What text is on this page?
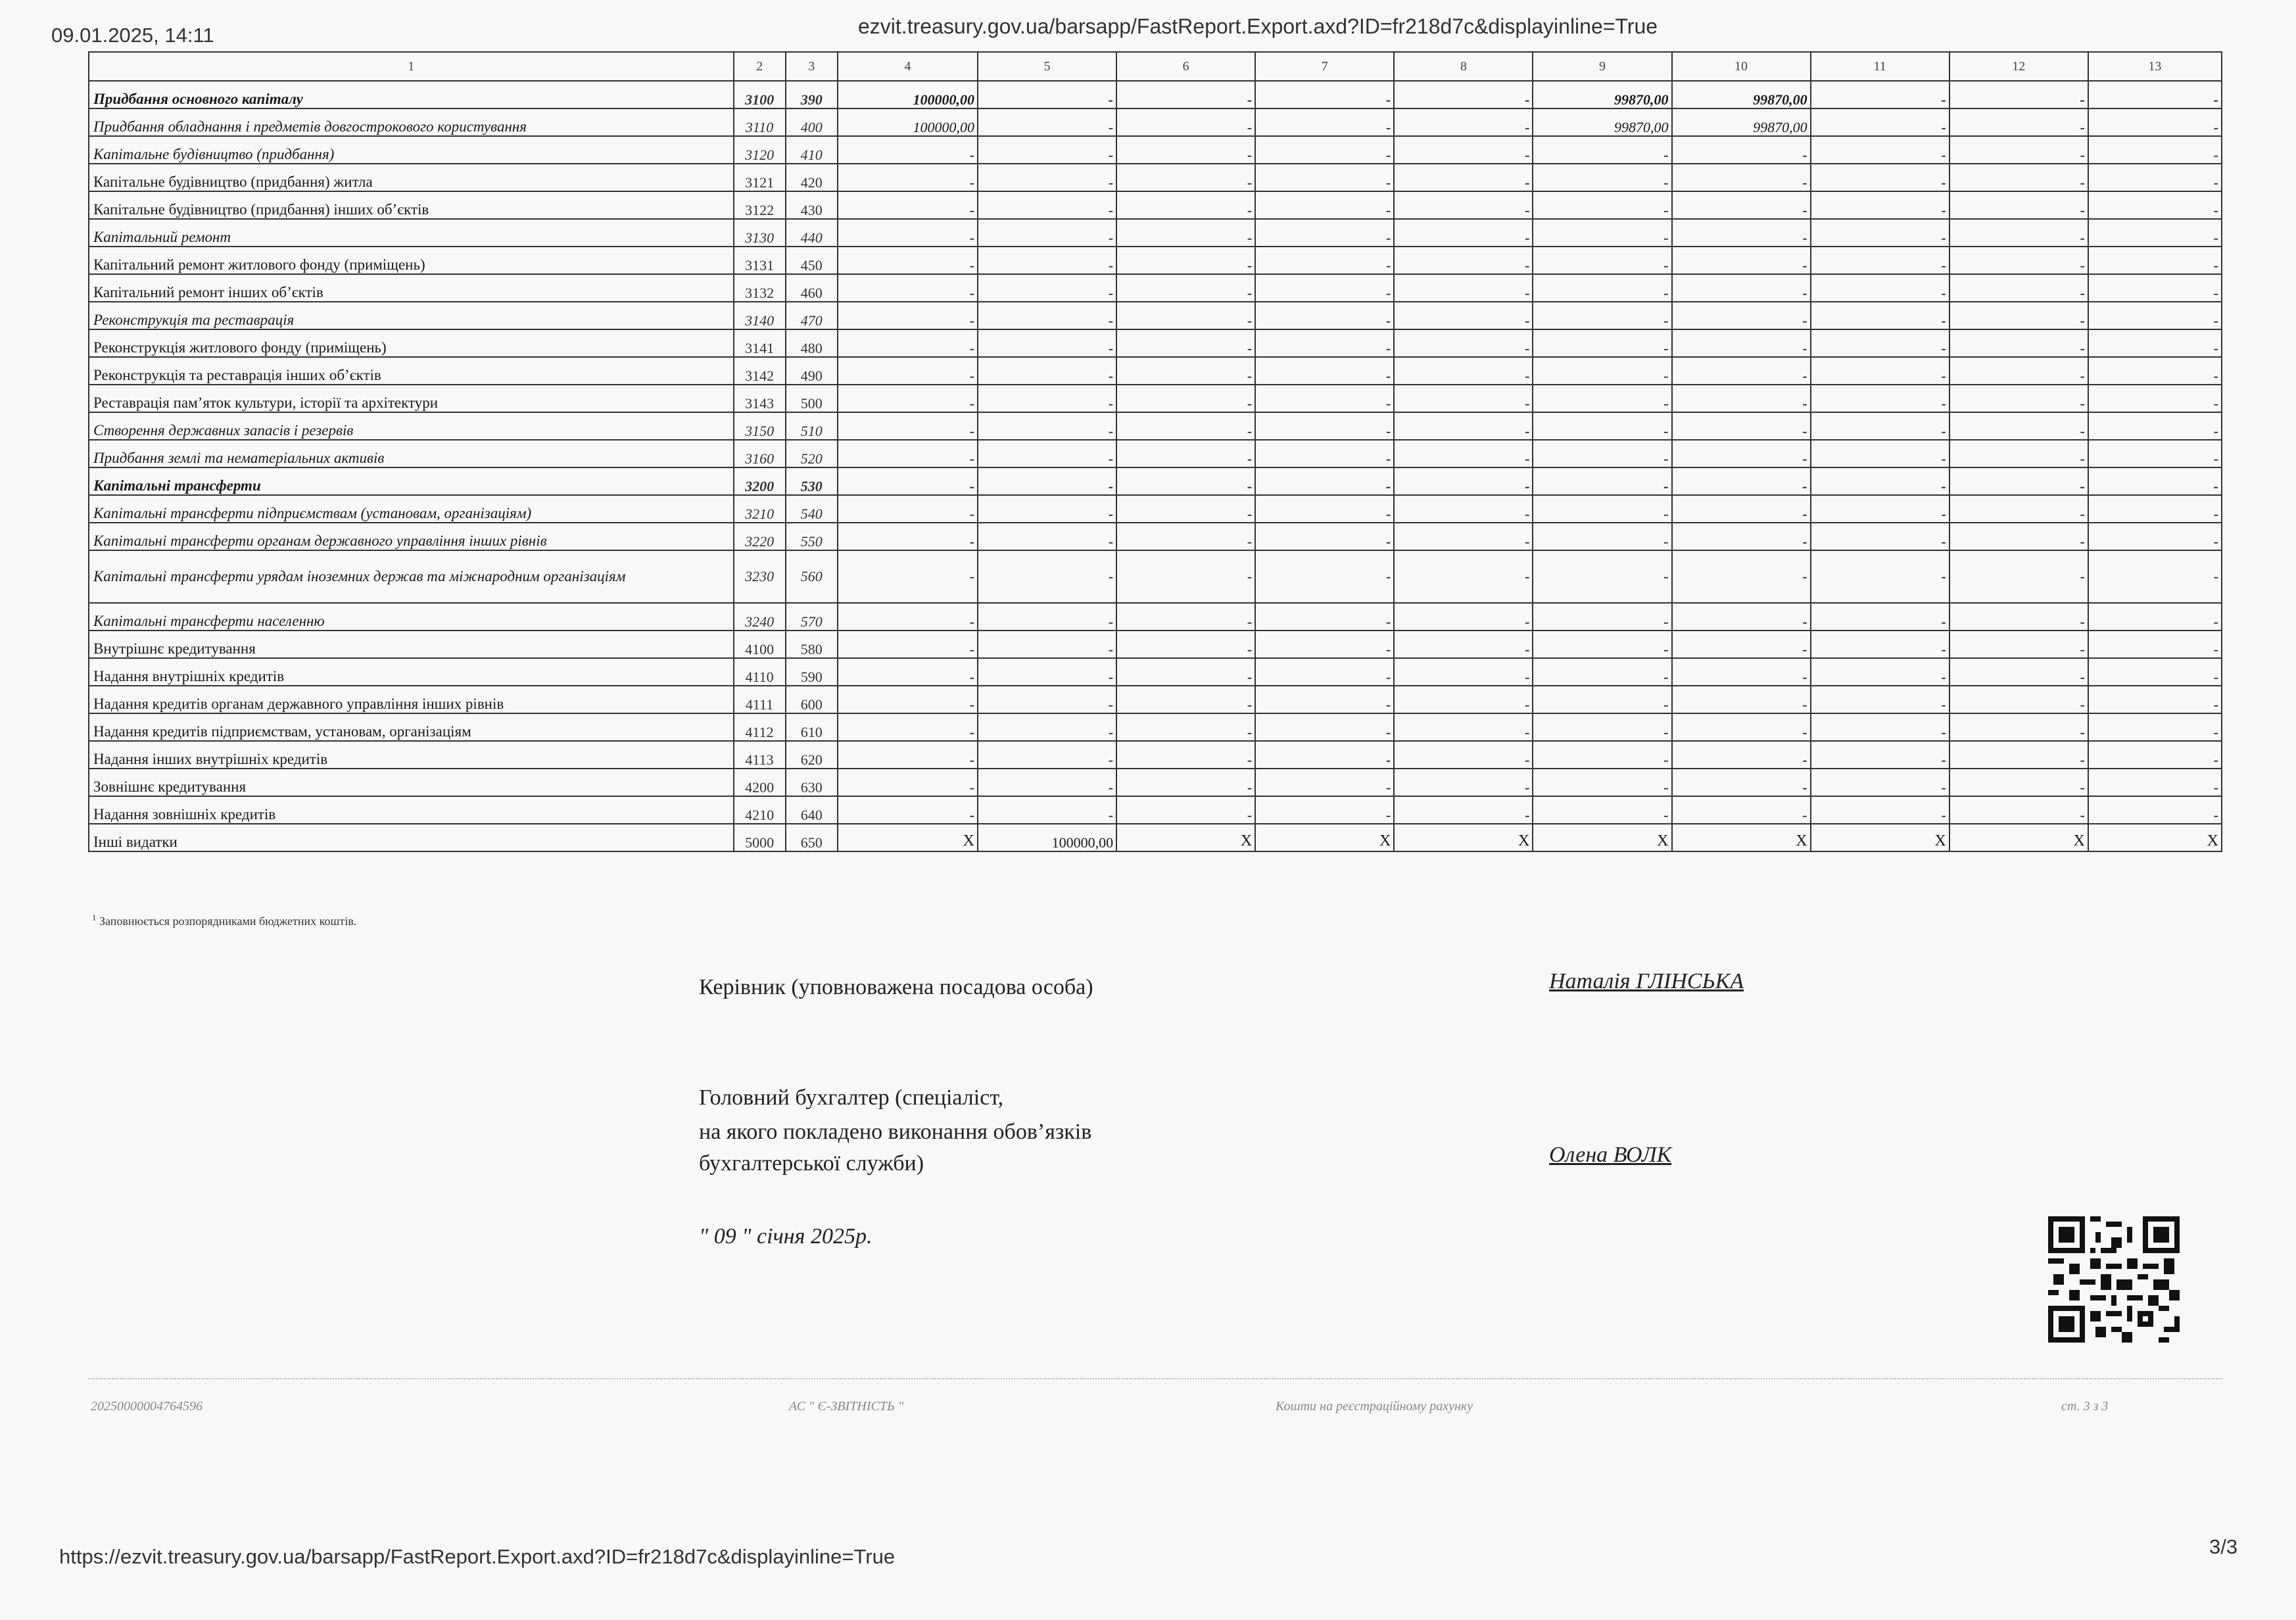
09.01.2025, 14:11	ezvit.treasury.gov.ua/barsapp/FastReport.Export.axd?ID=fr218d7c&displayinline=True
1	2	3	4	5	6	7	8	9	10	11	12	13
Придбання основного капіталу	3100	390	100000,00	-	-	-	-	99870,00	99870,00	-	-	-
Придбання обладнання і предметів довгострокового користування	3110	400	100000,00	-	-	-	-	99870,00	99870,00	-	-	-
Капітальне будівництво (придбання)	3120	410	-	-	-	-	-	-	-	-	-	-
Капітальне будівництво (придбання) житла	3121	420	-	-	-	-	-	-	-	-	-	-
Капітальне будівництво (придбання) інших об’єктів	3122	430	-	-	-	-	-	-	-	-	-	-
Капітальний ремонт	3130	440	-	-	-	-	-	-	-	-	-	-
Капітальний ремонт житлового фонду (приміщень)	3131	450	-	-	-	-	-	-	-	-	-	-
Капітальний ремонт інших об’єктів	3132	460	-	-	-	-	-	-	-	-	-	-
Реконструкція та реставрація	3140	470	-	-	-	-	-	-	-	-	-	-
Реконструкція житлового фонду (приміщень)	3141	480	-	-	-	-	-	-	-	-	-	-
Реконструкція та реставрація інших об’єктів	3142	490	-	-	-	-	-	-	-	-	-	-
Реставрація пам’яток культури, історії та архітектури	3143	500	-	-	-	-	-	-	-	-	-	-
Створення державних запасів і резервів	3150	510	-	-	-	-	-	-	-	-	-	-
Придбання землі та нематеріальних активів	3160	520	-	-	-	-	-	-	-	-	-	-
Капітальні трансферти	3200	530	-	-	-	-	-	-	-	-	-	-
Капітальні трансферти підприємствам (установам, організаціям)	3210	540	-	-	-	-	-	-	-	-	-	-
Капітальні трансферти органам державного управління інших рівнів	3220	550	-	-	-	-	-	-	-	-	-	-
Капітальні трансферти урядам іноземних держав та міжнародним організаціям	3230	560	-	-	-	-	-	-	-	-	-	-
Капітальні трансферти населенню	3240	570	-	-	-	-	-	-	-	-	-	-
Внутрішнє кредитування	4100	580	-	-	-	-	-	-	-	-	-	-
Надання внутрішніх кредитів	4110	590	-	-	-	-	-	-	-	-	-	-
Надання кредитів органам державного управління інших рівнів	4111	600	-	-	-	-	-	-	-	-	-	-
Надання кредитів підприємствам, установам, організаціям	4112	610	-	-	-	-	-	-	-	-	-	-
Надання інших внутрішніх кредитів	4113	620	-	-	-	-	-	-	-	-	-	-
Зовнішнє кредитування	4200	630	-	-	-	-	-	-	-	-	-	-
Надання зовнішніх кредитів	4210	640	-	-	-	-	-	-	-	-	-	-
Інші видатки	5000	650	X	100000,00	X	X	X	X	X	X	X	X
$^1$ Заповнюється розпорядниками бюджетних коштів.
Керівник (уповноважена посадова особа)	Наталія ГЛІНСЬКА
Головний бухгалтер (спеціаліст,
на якого покладено виконання обов’язків
бухгалтерської служби)	Олена ВОЛК
" 09 " січня 2025р.
20250000004764596	АС " Є-ЗВІТНІСТЬ "	Кошти на реєстраційному рахунку	ст. 3 з 3
https://ezvit.treasury.gov.ua/barsapp/FastReport.Export.axd?ID=fr218d7c&displayinline=True	3/3
